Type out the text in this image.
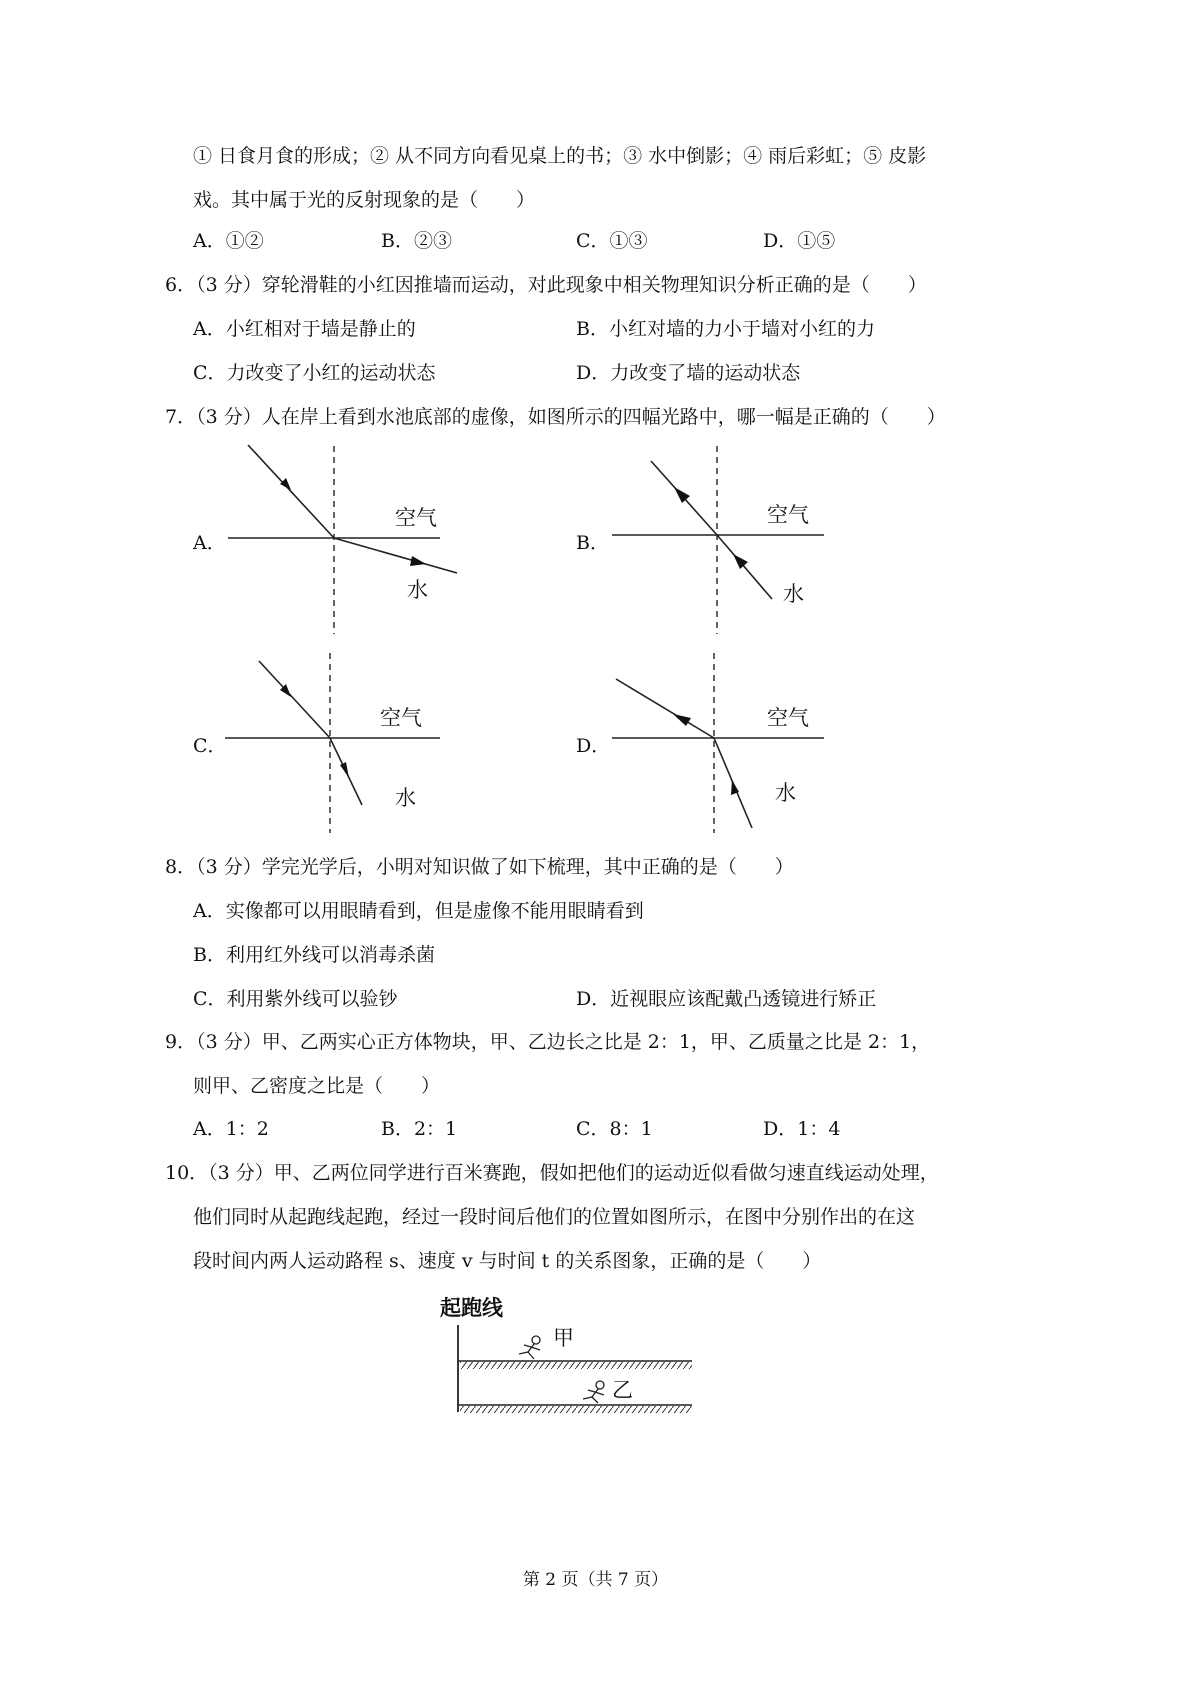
① 日食月食的形成；② 从不同方向看见桌上的书；③ 水中倒影；④ 雨后彩虹；⑤ 皮影
戏。其中属于光的反射现象的是（　　）
A．①②	B．②③	C．①③	D．①⑤
6．（3 分）穿轮滑鞋的小红因推墙而运动，对此现象中相关物理知识分析正确的是（　　）
A．小红相对于墙是静止的	B．小红对墙的力小于墙对小红的力
C．力改变了小红的运动状态	D．力改变了墙的运动状态
7．（3 分）人在岸上看到水池底部的虚像，如图所示的四幅光路中，哪一幅是正确的（　　）
A．
空气
水
B．
空气
水
C．
空气
水
D．
空气
水
8．（3 分）学完光学后，小明对知识做了如下梳理，其中正确的是（　　）
A．实像都可以用眼睛看到，但是虚像不能用眼睛看到
B．利用红外线可以消毒杀菌
C．利用紫外线可以验钞	D．近视眼应该配戴凸透镜进行矫正
9．（3 分）甲、乙两实心正方体物块，甲、乙边长之比是 2：1，甲、乙质量之比是 2：1，
则甲、乙密度之比是（　　）
A．1：2	B．2：1	C．8：1	D．1：4
10．（3 分）甲、乙两位同学进行百米赛跑，假如把他们的运动近似看做匀速直线运动处理，
他们同时从起跑线起跑，经过一段时间后他们的位置如图所示，在图中分别作出的在这
段时间内两人运动路程 s、速度 v 与时间 t 的关系图象，正确的是（　　）
起跑线
甲
乙
第 2 页（共 7 页）
